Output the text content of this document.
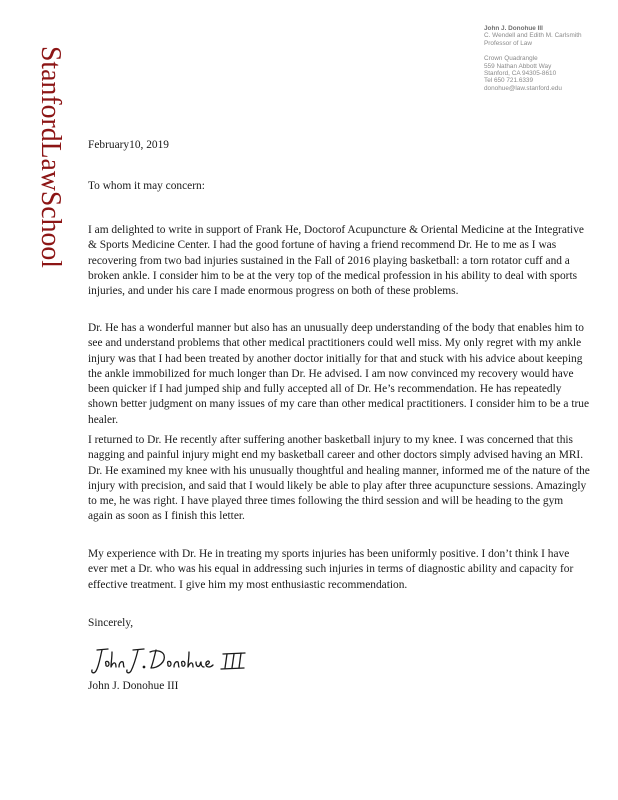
StanfordLawSchool
John J. Donohue III
C. Wendell and Edith M. Carlsmith
Professor of Law
Crown Quadrangle
559 Nathan Abbott Way
Stanford, CA 94305-8610
Tel 650 721.6339
donohue@law.stanford.edu
February10, 2019
To whom it may concern:
I am delighted to write in support of Frank He, Doctorof Acupuncture & Oriental Medicine at the Integrative & Sports Medicine Center. I had the good fortune of having a friend recommend Dr. He to me as I was recovering from two bad injuries sustained in the Fall of 2016 playing basketball: a torn rotator cuff and a broken ankle. I consider him to be at the very top of the medical profession in his ability to deal with sports injuries, and under his care I made enormous progress on both of these problems.
Dr. He has a wonderful manner but also has an unusually deep understanding of the body that enables him to see and understand problems that other medical practitioners could well miss. My only regret with my ankle injury was that I had been treated by another doctor initially for that and stuck with his advice about keeping the ankle immobilized for much longer than Dr. He advised. I am now convinced my recovery would have been quicker if I had jumped ship and fully accepted all of Dr. He’s recommendation. He has repeatedly shown better judgment on many issues of my care than other medical practitioners. I consider him to be a true healer.
I returned to Dr. He recently after suffering another basketball injury to my knee. I was concerned that this nagging and painful injury might end my basketball career and other doctors simply advised having an MRI. Dr. He examined my knee with his unusually thoughtful and healing manner, informed me of the nature of the injury with precision, and said that I would likely be able to play after three acupuncture sessions. Amazingly to me, he was right. I have played three times following the third session and will be heading to the gym again as soon as I finish this letter.
My experience with Dr. He in treating my sports injuries has been uniformly positive. I don’t think I have ever met a Dr. who was his equal in addressing such injuries in terms of diagnostic ability and capacity for effective treatment. I give him my most enthusiastic recommendation.
Sincerely,
John J. Donohue III
